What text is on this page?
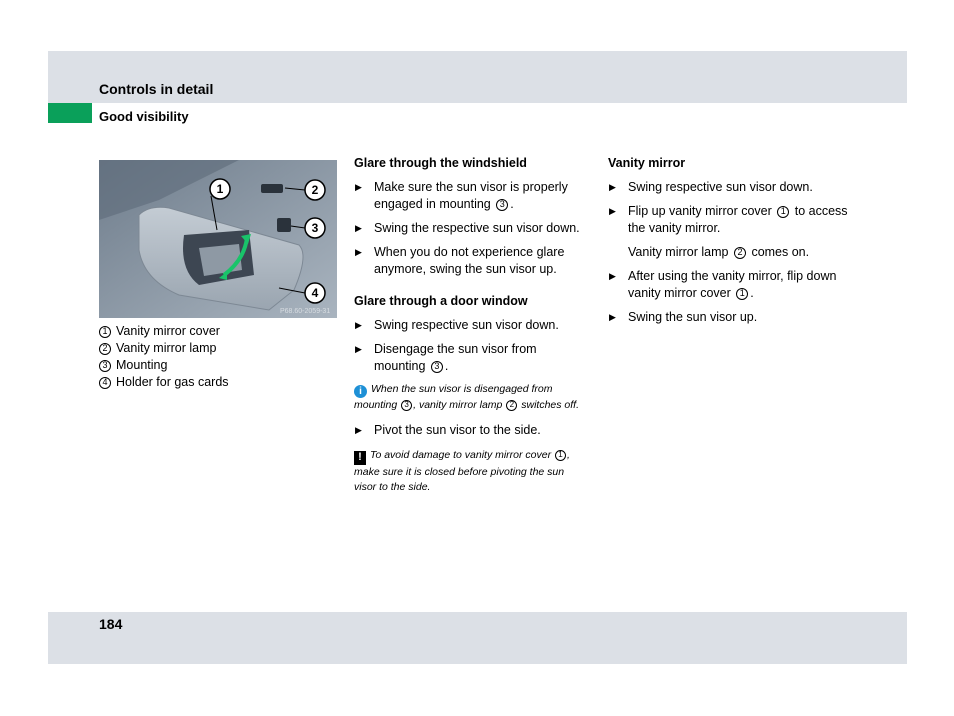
Controls in detail
Good visibility
1	2
3
4
P68.60-2059-31
1 Vanity mirror cover
2 Vanity mirror lamp
3 Mounting
4 Holder for gas cards
Glare through the windshield
▶ Make sure the sun visor is properly engaged in mounting 3 .
▶ Swing the respective sun visor down.
▶ When you do not experience glare anymore, swing the sun visor up.
Glare through a door window
▶ Swing respective sun visor down.
▶ Disengage the sun visor from mounting 3 .
i When the sun visor is disengaged from mounting 3 , vanity mirror lamp 2 switches off.
▶ Pivot the sun visor to the side.
! To avoid damage to vanity mirror cover 1 , make sure it is closed before pivoting the sun visor to the side.
Vanity mirror
▶ Swing respective sun visor down.
▶ Flip up vanity mirror cover 1 to access the vanity mirror.
Vanity mirror lamp 2 comes on.
▶ After using the vanity mirror, flip down vanity mirror cover 1 .
▶ Swing the sun visor up.
184
